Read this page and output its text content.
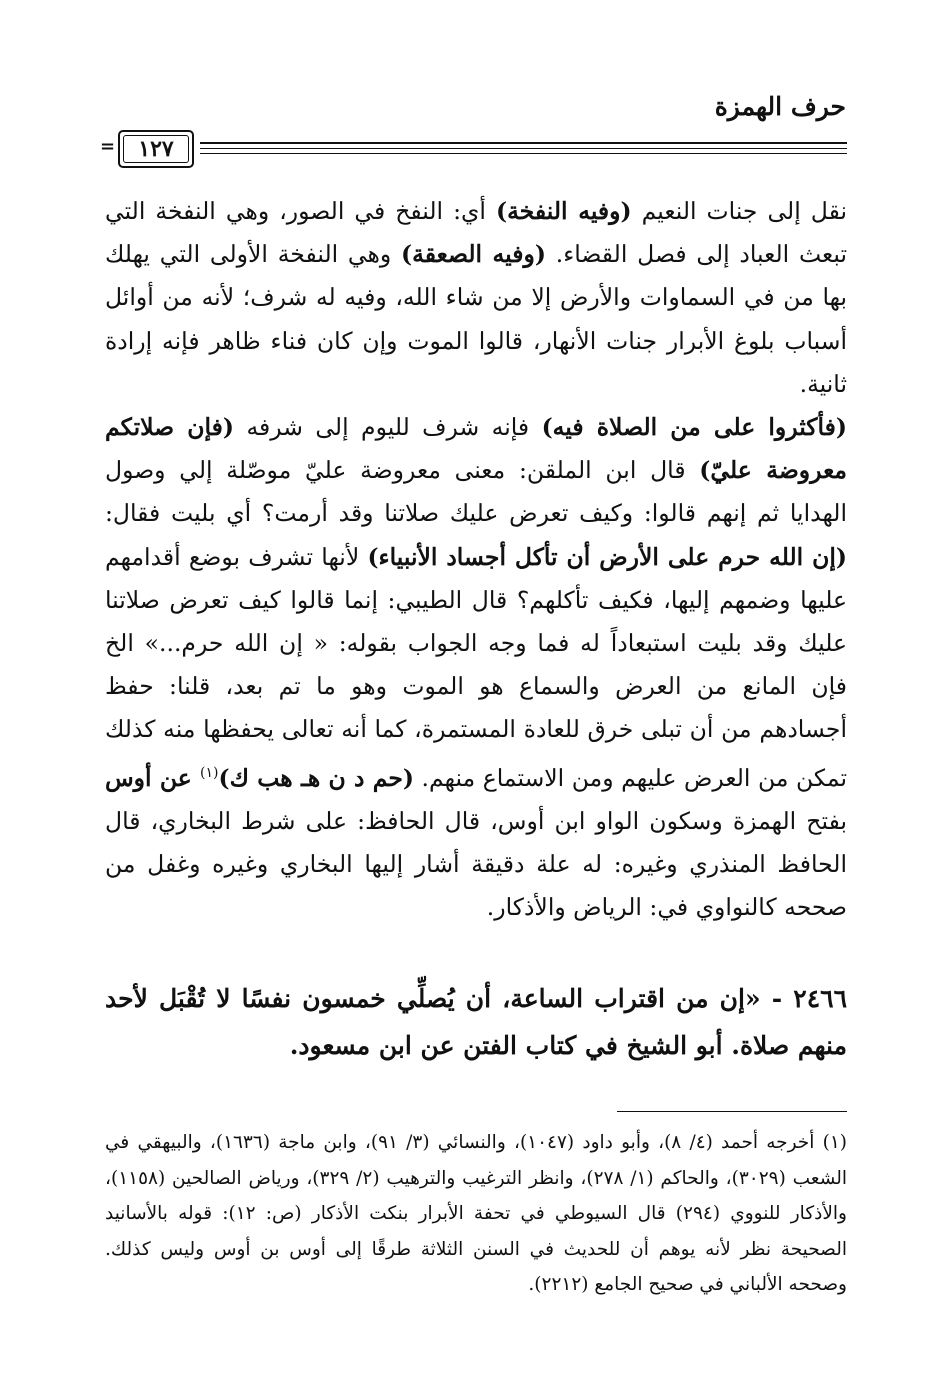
حرف الهمزة
=	١٢٧

نقل إلى جنات النعيم (وفيه النفخة) أي: النفخ في الصور، وهي النفخة التي تبعث العباد إلى فصل القضاء. (وفيه الصعقة) وهي النفخة الأولى التي يهلك بها من في السماوات والأرض إلا من شاء الله، وفيه له شرف؛ لأنه من أوائل أسباب بلوغ الأبرار جنات الأنهار، قالوا الموت وإن كان فناء ظاهر فإنه إرادة ثانية.

(فأكثروا على من الصلاة فيه) فإنه شرف لليوم إلى شرفه (فإن صلاتكم معروضة عليّ) قال ابن الملقن: معنى معروضة عليّ موصّلة إلي وصول الهدايا ثم إنهم قالوا: وكيف تعرض عليك صلاتنا وقد أرمت؟ أي بليت فقال: (إن الله حرم على الأرض أن تأكل أجساد الأنبياء) لأنها تشرف بوضع أقدامهم عليها وضمهم إليها، فكيف تأكلهم؟ قال الطيبي: إنما قالوا كيف تعرض صلاتنا عليك وقد بليت استبعاداً له فما وجه الجواب بقوله: « إن الله حرم...» الخ فإن المانع من العرض والسماع هو الموت وهو ما تم بعد، قلنا: حفظ أجسادهم من أن تبلى خرق للعادة المستمرة، كما أنه تعالى يحفظها منه كذلك تمكن من العرض عليهم ومن الاستماع منهم. (حم د ن هـ هب ك)$^{(١)}$ عن أوس بفتح الهمزة وسكون الواو ابن أوس، قال الحافظ: على شرط البخاري، قال الحافظ المنذري وغيره: له علة دقيقة أشار إليها البخاري وغيره وغفل من صححه كالنواوي في: الرياض والأذكار.

٢٤٦٦ - «إن من اقتراب الساعة، أن يُصلِّي خمسون نفسًا لا تُقْبَل لأحد منهم صلاة. أبو الشيخ في كتاب الفتن عن ابن مسعود.

(١) أخرجه أحمد (٤/ ٨)، وأبو داود (١٠٤٧)، والنسائي (٣/ ٩١)، وابن ماجة (١٦٣٦)، والبيهقي في الشعب (٣٠٢٩)، والحاكم (١/ ٢٧٨)، وانظر الترغيب والترهيب (٢/ ٣٢٩)، ورياض الصالحين (١١٥٨)، والأذكار للنووي (٢٩٤) قال السيوطي في تحفة الأبرار بنكت الأذكار (ص: ١٢): قوله بالأسانيد الصحيحة نظر لأنه يوهم أن للحديث في السنن الثلاثة طرقًا إلى أوس بن أوس وليس كذلك. وصححه الألباني في صحيح الجامع (٢٢١٢).
